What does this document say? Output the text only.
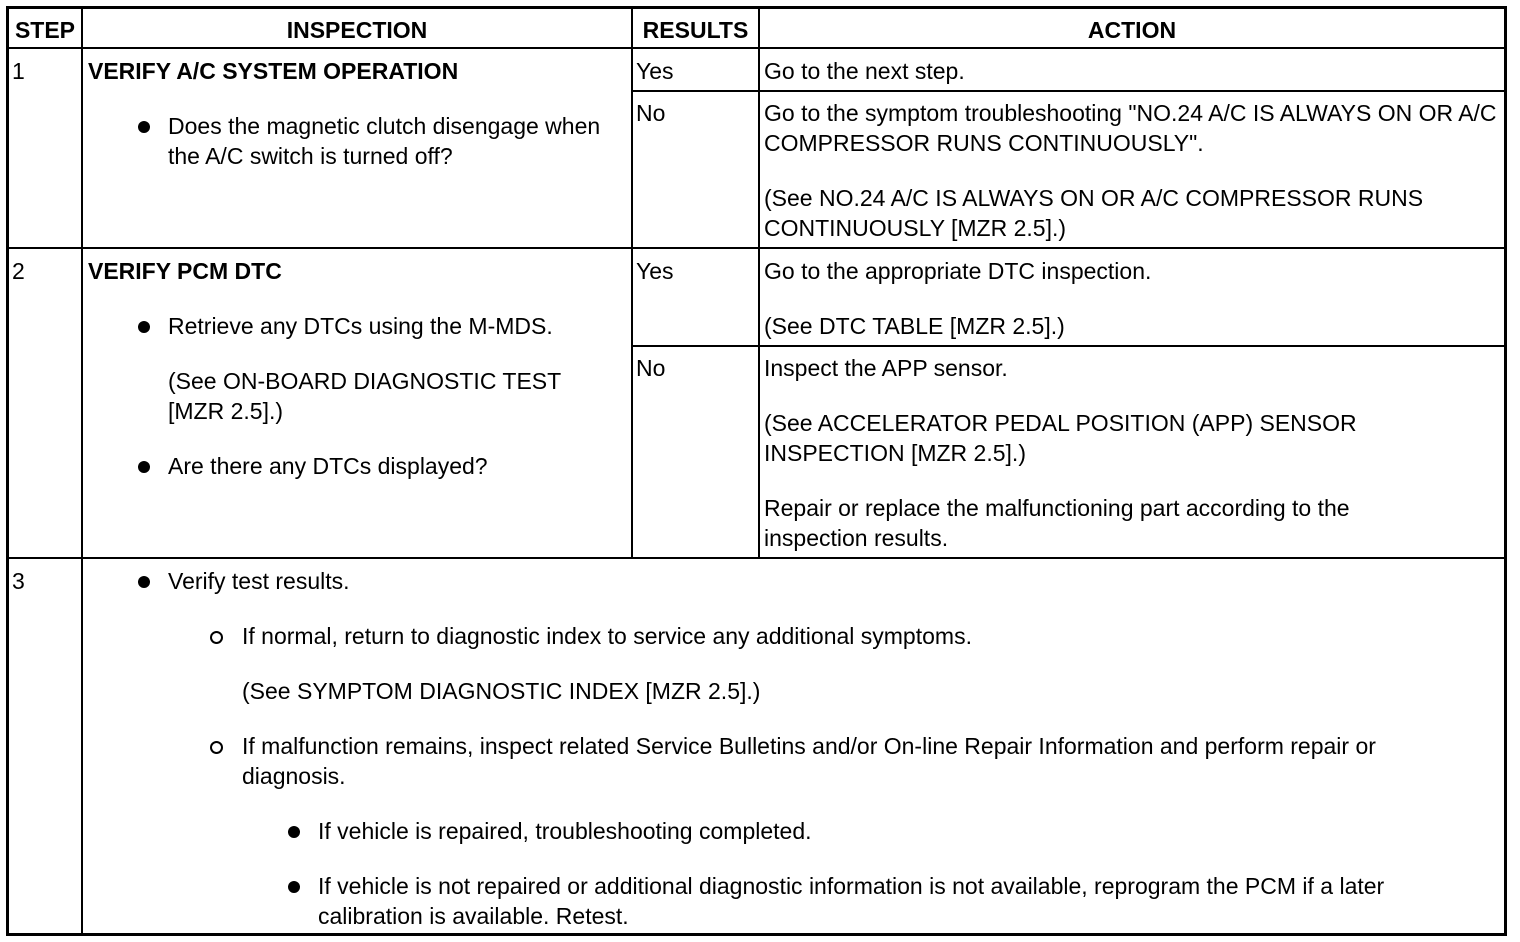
STEP	INSPECTION	RESULTS	ACTION
1	VERIFY A/C SYSTEM OPERATION

Does the magnetic clutch disengage when the A/C switch is turned off?

Yes	Go to the next step.

No	Go to the symptom troubleshooting "NO.24 A/C IS ALWAYS ON OR A/C COMPRESSOR RUNS CONTINUOUSLY".

(See NO.24 A/C IS ALWAYS ON OR A/C COMPRESSOR RUNS CONTINUOUSLY [MZR 2.5].)

2	VERIFY PCM DTC

Retrieve any DTCs using the M-MDS.

(See ON-BOARD DIAGNOSTIC TEST [MZR 2.5].)

Are there any DTCs displayed?

Yes	Go to the appropriate DTC inspection.

(See DTC TABLE [MZR 2.5].)

No	Inspect the APP sensor.

(See ACCELERATOR PEDAL POSITION (APP) SENSOR INSPECTION [MZR 2.5].)

Repair or replace the malfunctioning part according to the inspection results.

3	Verify test results.

If normal, return to diagnostic index to service any additional symptoms.

(See SYMPTOM DIAGNOSTIC INDEX [MZR 2.5].)

If malfunction remains, inspect related Service Bulletins and/or On-line Repair Information and perform repair or diagnosis.

If vehicle is repaired, troubleshooting completed.

If vehicle is not repaired or additional diagnostic information is not available, reprogram the PCM if a later calibration is available. Retest.
